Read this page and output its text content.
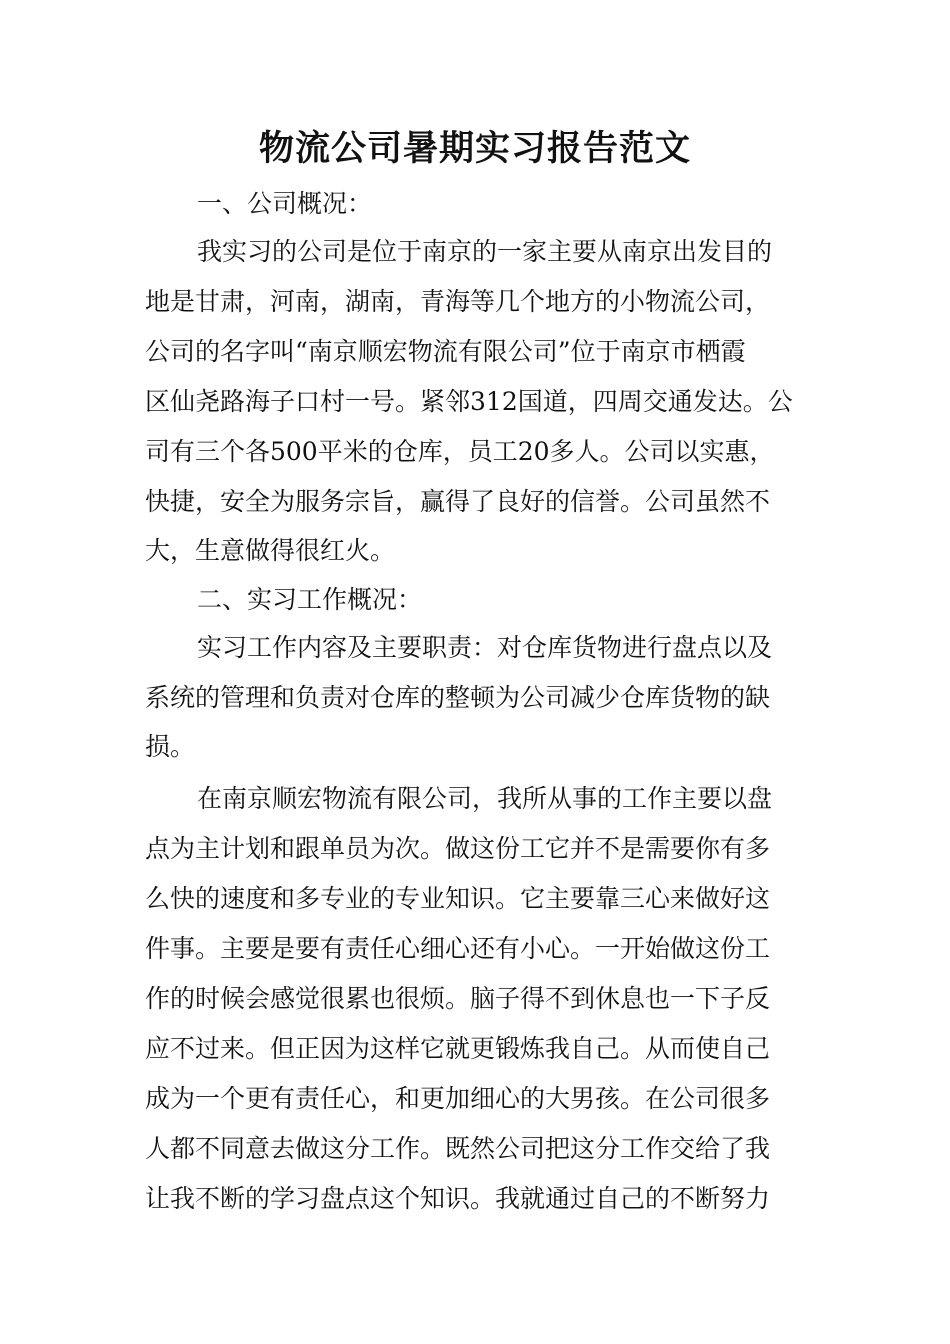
物流公司暑期实习报告范文

一、公司概况：

我实习的公司是位于南京的一家主要从南京出发目的

地是甘肃，河南，湖南，青海等几个地方的小物流公司，

公司的名字叫“南京顺宏物流有限公司”位于南京市栖霞

区仙尧路海子口村一号。紧邻312国道，四周交通发达。公

司有三个各500平米的仓库，员工20多人。公司以实惠，

快捷，安全为服务宗旨，赢得了良好的信誉。公司虽然不

大，生意做得很红火。

二、实习工作概况：

实习工作内容及主要职责：对仓库货物进行盘点以及

系统的管理和负责对仓库的整顿为公司减少仓库货物的缺

损。

在南京顺宏物流有限公司，我所从事的工作主要以盘

点为主计划和跟单员为次。做这份工它并不是需要你有多

么快的速度和多专业的专业知识。它主要靠三心来做好这

件事。主要是要有责任心细心还有小心。一开始做这份工

作的时候会感觉很累也很烦。脑子得不到休息也一下子反

应不过来。但正因为这样它就更锻炼我自己。从而使自己

成为一个更有责任心，和更加细心的大男孩。在公司很多

人都不同意去做这分工作。既然公司把这分工作交给了我

让我不断的学习盘点这个知识。我就通过自己的不断努力
